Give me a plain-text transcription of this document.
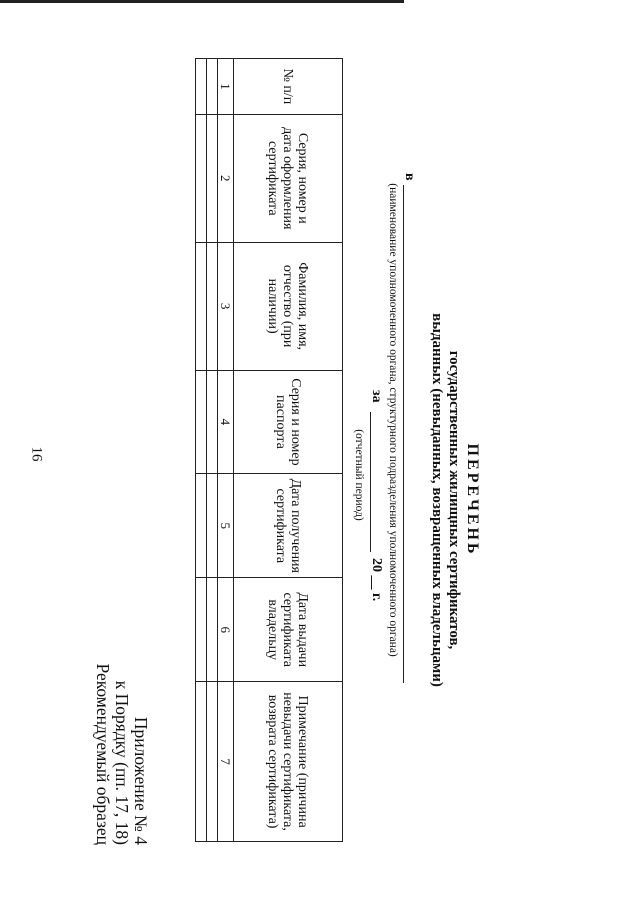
16
Приложение № 4
к Порядку (пп. 17, 18)
Рекомендуемый образец
ПЕРЕЧЕНЬ
государственных жилищных сертификатов,
выданных (невыданных, возвращенных владельцами)
в
(наименование уполномоченного органа, структурного подразделения уполномоченного органа)
за
20 __ г.
(отчетный период)
№ п/п	Серия, номер и дата оформления сертификата	Фамилия, имя, отчество (при наличии)	Серия и номер паспорта	Дата получения сертификата	Дата выдачи сертификата владельцу	Примечание (причина невыдачи сертификата, возврата сертификата)
1	2	3	4	5	6	7
